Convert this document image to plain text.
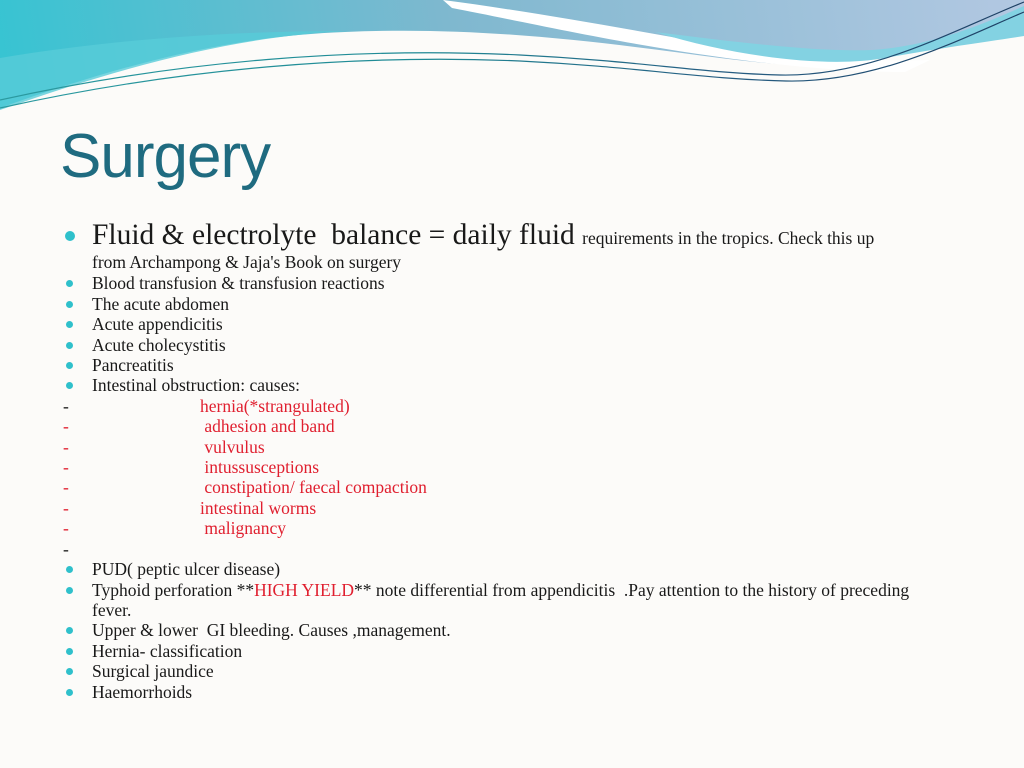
Surgery
Fluid & electrolyte  balance = daily fluid requirements in the tropics. Check this up
from Archampong & Jaja's Book on surgery
Blood transfusion & transfusion reactions
The acute abdomen
Acute appendicitis
Acute cholecystitis
Pancreatitis
Intestinal obstruction: causes:
-	hernia(*strangulated)
-	adhesion and band
-	vulvulus
-	intussusceptions
-	constipation/ faecal compaction
-	intestinal worms
-	malignancy
-
PUD( peptic ulcer disease)
Typhoid perforation **HIGH YIELD** note differential from appendicitis  .Pay attention to the history of preceding
fever.
Upper & lower  GI bleeding. Causes ,management.
Hernia- classification
Surgical jaundice
Haemorrhoids
